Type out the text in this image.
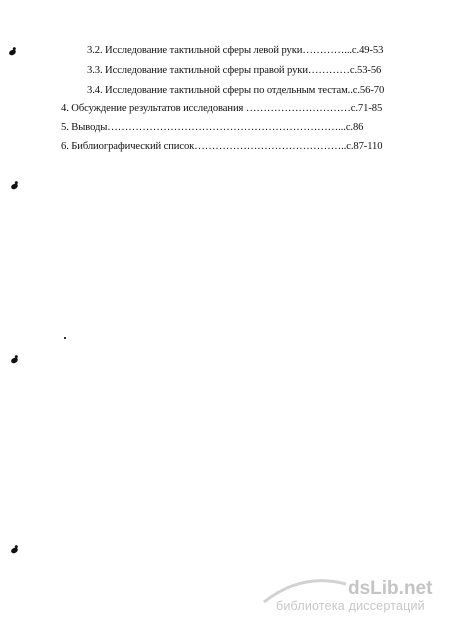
3.2. Исследование тактильной сферы левой руки…………...с.49-53
3.3. Исследование тактильной сферы правой руки…………с.53-56
3.4. Исследование тактильной сферы по отдельным тестам..с.56-70
4. Обсуждение результатов исследования …………………………с.71-85
5. Выводы…………………………………………………………...с.86
6. Библиографический список……………………………………..с.87-110
dsLib.net
библиотека диссертаций
